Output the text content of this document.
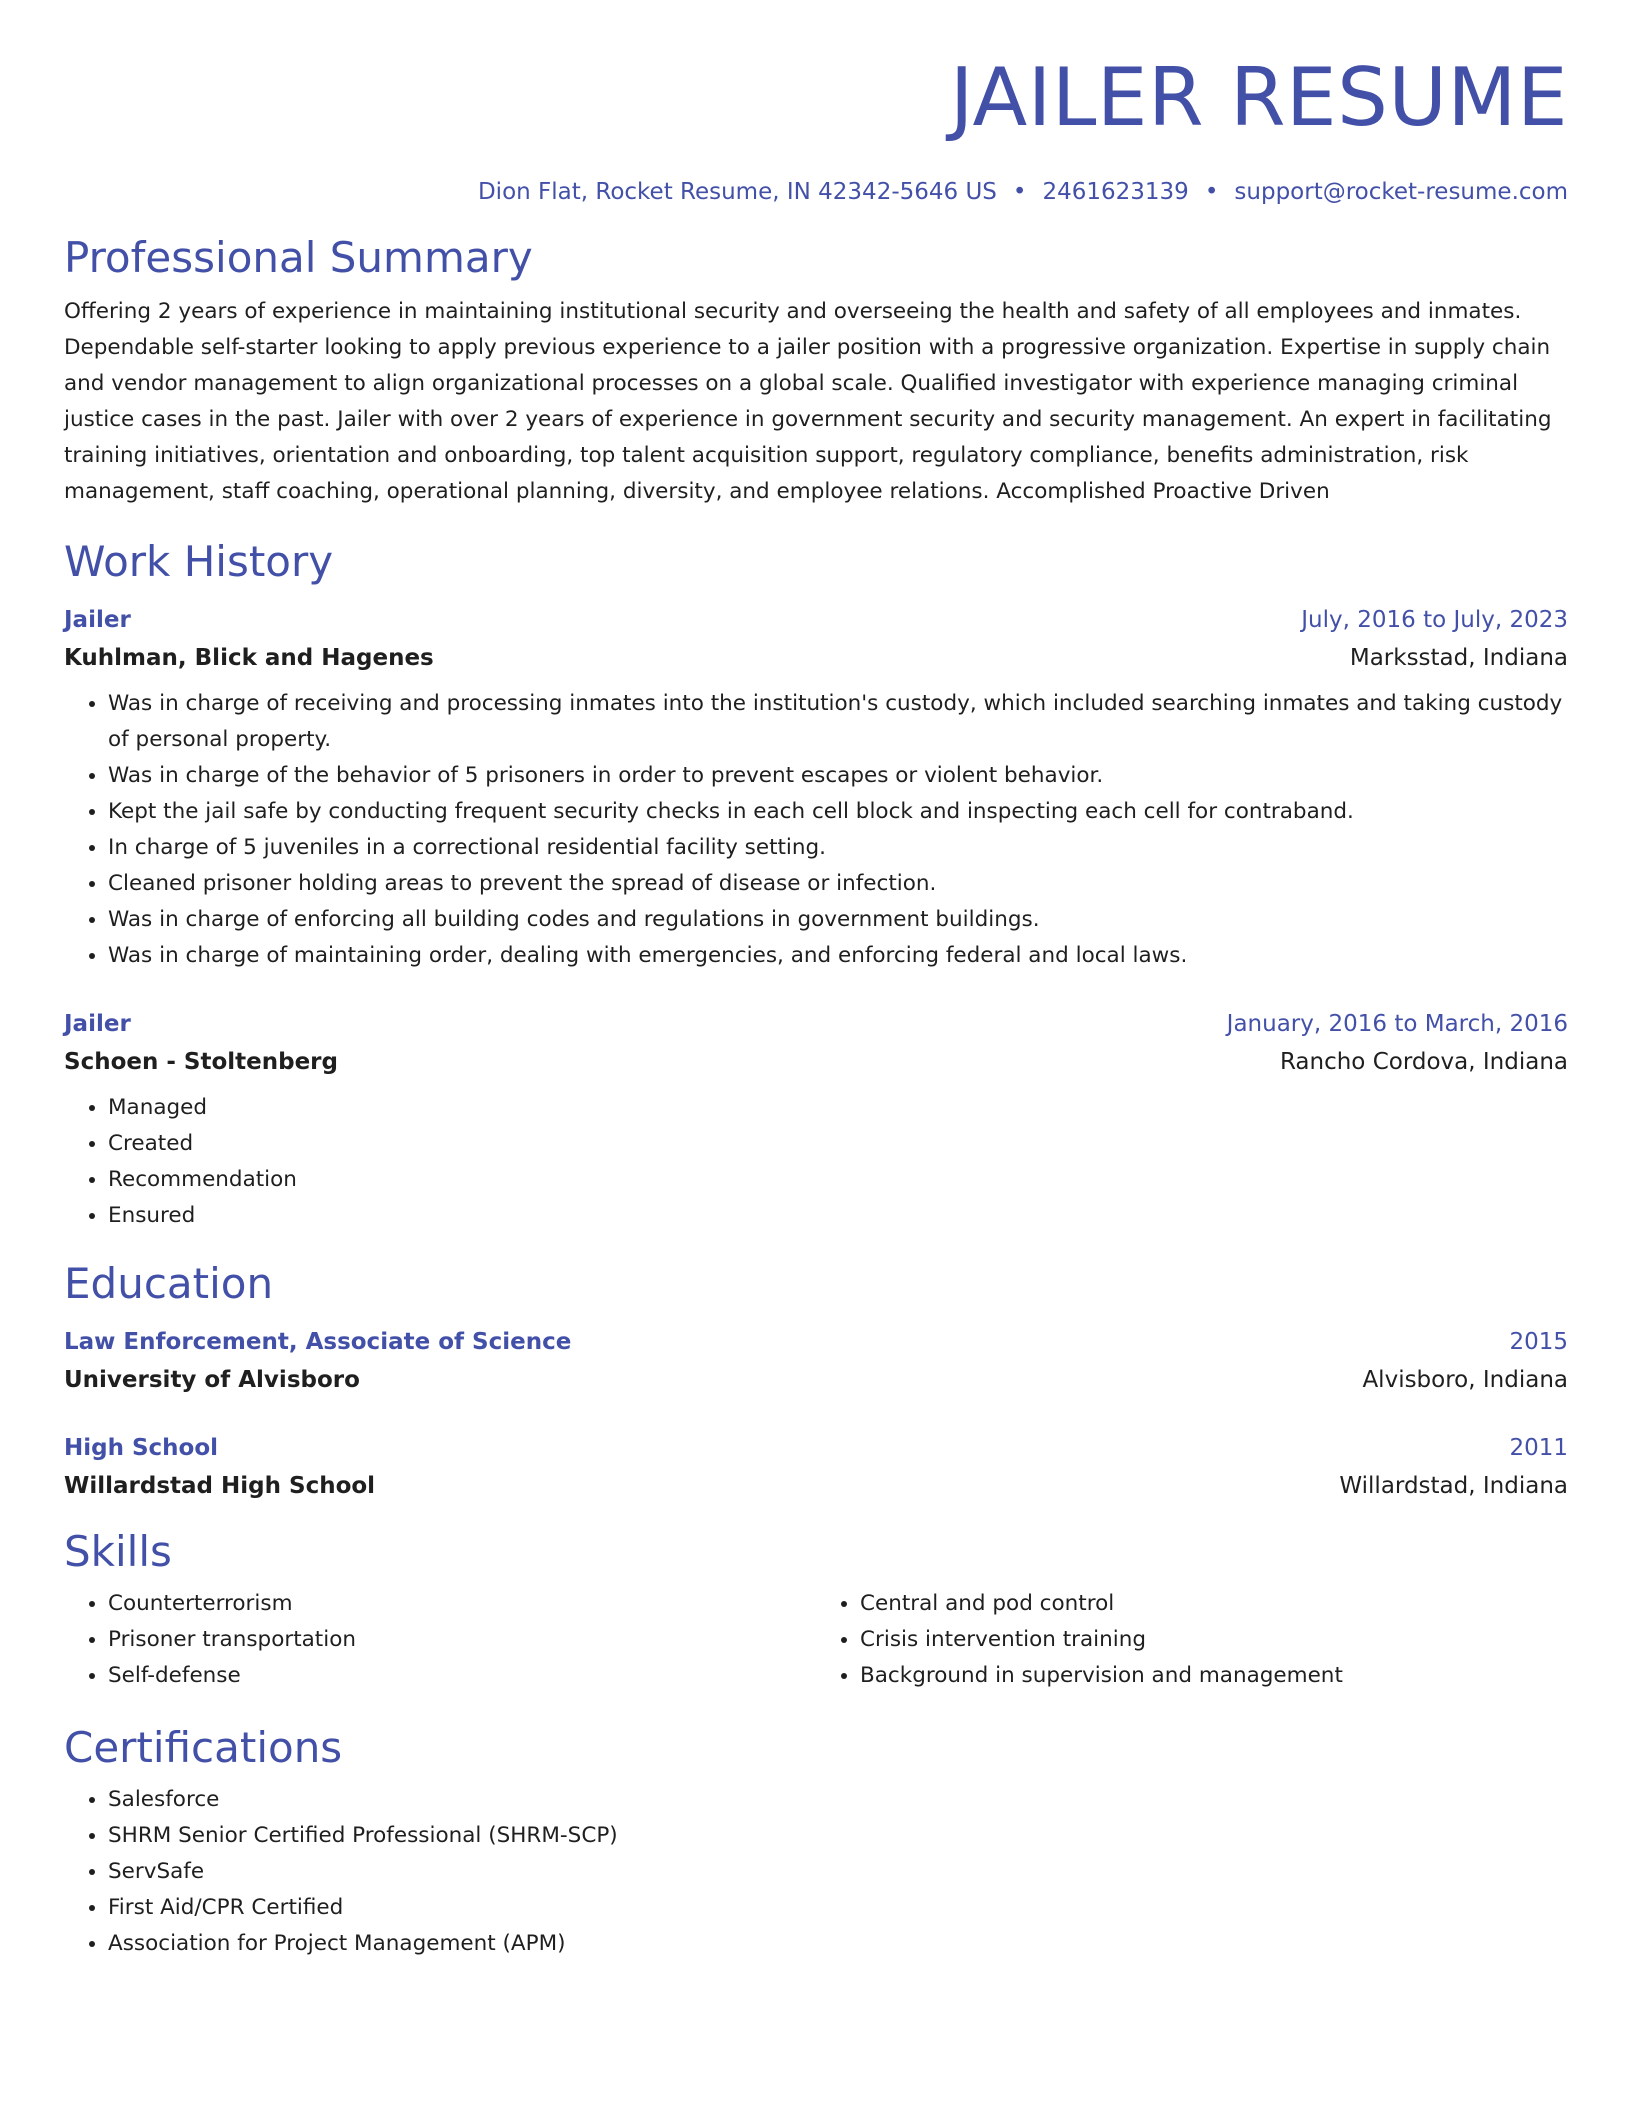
JAILER RESUME
Dion Flat, Rocket Resume, IN 42342-5646 US • 2461623139 • support@rocket-resume.com
Professional Summary

Offering 2 years of experience in maintaining institutional security and overseeing the health and safety of all employees and inmates. Dependable self-starter looking to apply previous experience to a jailer position with a progressive organization. Expertise in supply chain and vendor management to align organizational processes on a global scale. Qualified investigator with experience managing criminal justice cases in the past. Jailer with over 2 years of experience in government security and security management. An expert in facilitating training initiatives, orientation and onboarding, top talent acquisition support, regulatory compliance, benefits administration, risk management, staff coaching, operational planning, diversity, and employee relations. Accomplished Proactive Driven

Work History
Jailer	July, 2016 to July, 2023
Kuhlman, Blick and Hagenes	Marksstad, Indiana
• Was in charge of receiving and processing inmates into the institution's custody, which included searching inmates and taking custody of personal property.
• Was in charge of the behavior of 5 prisoners in order to prevent escapes or violent behavior.
• Kept the jail safe by conducting frequent security checks in each cell block and inspecting each cell for contraband.
• In charge of 5 juveniles in a correctional residential facility setting.
• Cleaned prisoner holding areas to prevent the spread of disease or infection.
• Was in charge of enforcing all building codes and regulations in government buildings.
• Was in charge of maintaining order, dealing with emergencies, and enforcing federal and local laws.
Jailer	January, 2016 to March, 2016
Schoen - Stoltenberg	Rancho Cordova, Indiana
• Managed
• Created
• Recommendation
• Ensured
Education
Law Enforcement, Associate of Science	2015
University of Alvisboro	Alvisboro, Indiana
High School	2011
Willardstad High School	Willardstad, Indiana
Skills
• Counterterrorism
• Prisoner transportation
• Self-defense
• Central and pod control
• Crisis intervention training
• Background in supervision and management
Certifications
• Salesforce
• SHRM Senior Certified Professional (SHRM-SCP)
• ServSafe
• First Aid/CPR Certified
• Association for Project Management (APM)
